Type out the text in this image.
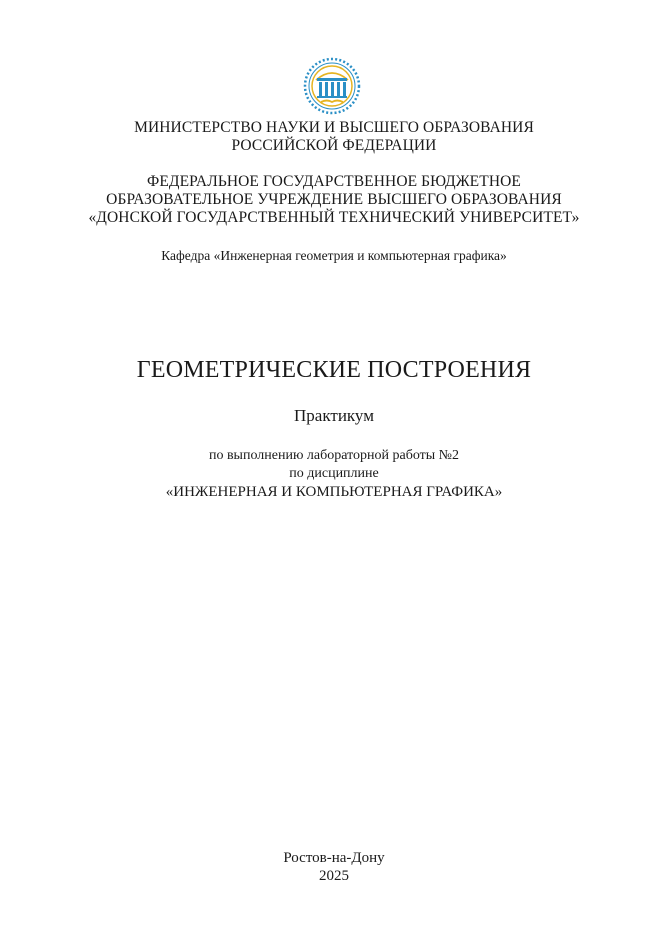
МИНИСТЕРСТВО НАУКИ И ВЫСШЕГО ОБРАЗОВАНИЯ
РОССИЙСКОЙ ФЕДЕРАЦИИ
ФЕДЕРАЛЬНОЕ ГОСУДАРСТВЕННОЕ БЮДЖЕТНОЕ
ОБРАЗОВАТЕЛЬНОЕ УЧРЕЖДЕНИЕ ВЫСШЕГО ОБРАЗОВАНИЯ
«ДОНСКОЙ ГОСУДАРСТВЕННЫЙ ТЕХНИЧЕСКИЙ УНИВЕРСИТЕТ»
Кафедра «Инженерная геометрия и компьютерная графика»
ГЕОМЕТРИЧЕСКИЕ ПОСТРОЕНИЯ
Практикум
по выполнению лабораторной работы №2
по дисциплине
«ИНЖЕНЕРНАЯ И КОМПЬЮТЕРНАЯ ГРАФИКА»
Ростов-на-Дону
2025
